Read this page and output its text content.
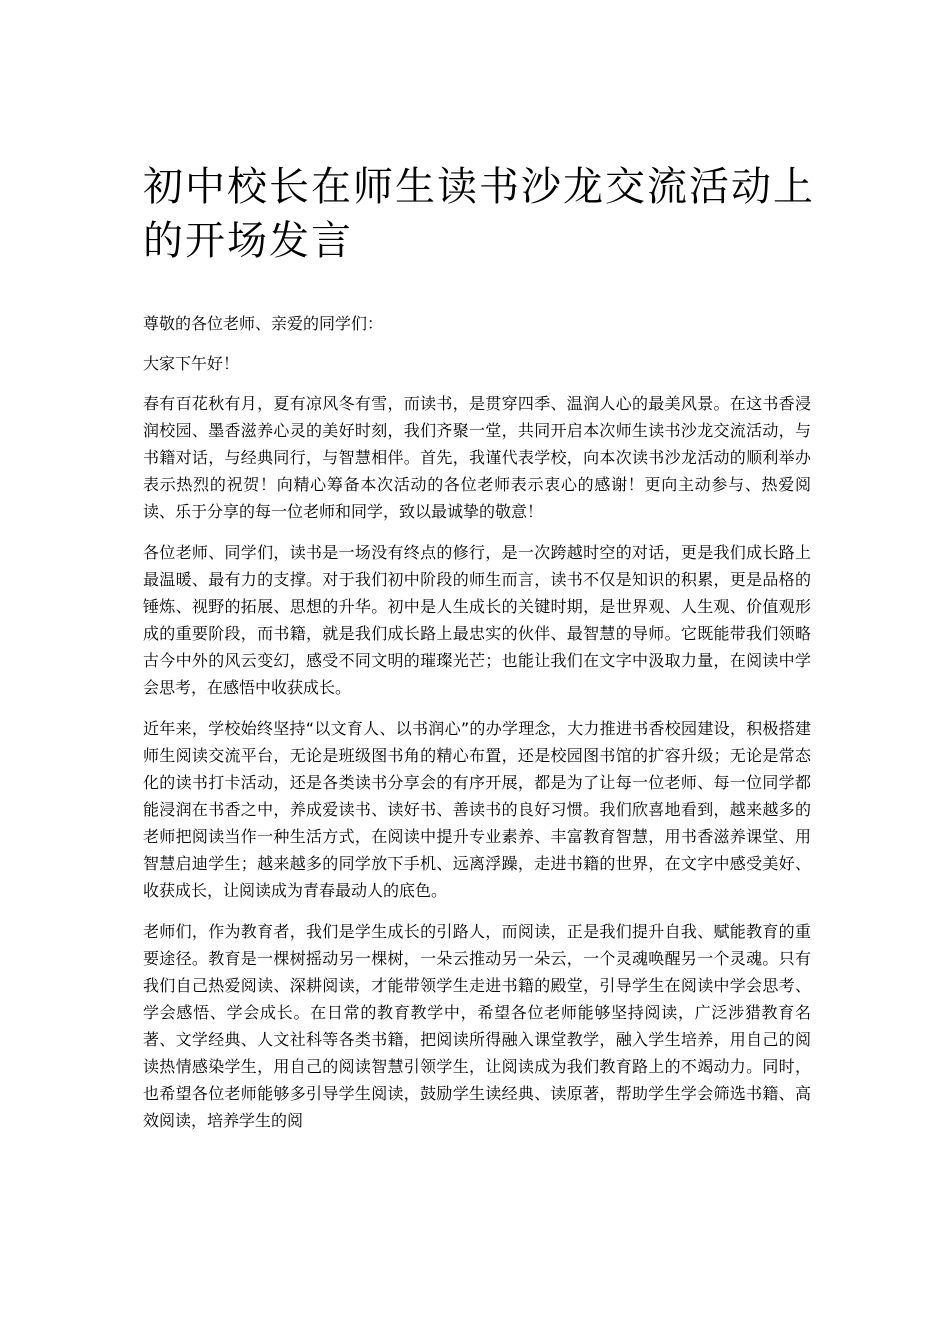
初中校长在师生读书沙龙交流活动上的开场发言

尊敬的各位老师、亲爱的同学们：

大家下午好！

春有百花秋有月，夏有凉风冬有雪，而读书，是贯穿四季、温润人心的最美风景。在这书香浸润校园、墨香滋养心灵的美好时刻，我们齐聚一堂，共同开启本次师生读书沙龙交流活动，与书籍对话，与经典同行，与智慧相伴。首先，我谨代表学校，向本次读书沙龙活动的顺利举办表示热烈的祝贺！向精心筹备本次活动的各位老师表示衷心的感谢！更向主动参与、热爱阅读、乐于分享的每一位老师和同学，致以最诚挚的敬意！

各位老师、同学们，读书是一场没有终点的修行，是一次跨越时空的对话，更是我们成长路上最温暖、最有力的支撑。对于我们初中阶段的师生而言，读书不仅是知识的积累，更是品格的锤炼、视野的拓展、思想的升华。初中是人生成长的关键时期，是世界观、人生观、价值观形成的重要阶段，而书籍，就是我们成长路上最忠实的伙伴、最智慧的导师。它既能带我们领略古今中外的风云变幻，感受不同文明的璀璨光芒；也能让我们在文字中汲取力量，在阅读中学会思考，在感悟中收获成长。

近年来，学校始终坚持“以文育人、以书润心”的办学理念，大力推进书香校园建设，积极搭建师生阅读交流平台，无论是班级图书角的精心布置，还是校园图书馆的扩容升级；无论是常态化的读书打卡活动，还是各类读书分享会的有序开展，都是为了让每一位老师、每一位同学都能浸润在书香之中，养成爱读书、读好书、善读书的良好习惯。我们欣喜地看到，越来越多的老师把阅读当作一种生活方式，在阅读中提升专业素养、丰富教育智慧，用书香滋养课堂、用智慧启迪学生；越来越多的同学放下手机、远离浮躁，走进书籍的世界，在文字中感受美好、收获成长，让阅读成为青春最动人的底色。

老师们，作为教育者，我们是学生成长的引路人，而阅读，正是我们提升自我、赋能教育的重要途径。教育是一棵树摇动另一棵树，一朵云推动另一朵云，一个灵魂唤醒另一个灵魂。只有我们自己热爱阅读、深耕阅读，才能带领学生走进书籍的殿堂，引导学生在阅读中学会思考、学会感悟、学会成长。在日常的教育教学中，希望各位老师能够坚持阅读，广泛涉猎教育名著、文学经典、人文社科等各类书籍，把阅读所得融入课堂教学，融入学生培养，用自己的阅读热情感染学生，用自己的阅读智慧引领学生，让阅读成为我们教育路上的不竭动力。同时，也希望各位老师能够多引导学生阅读，鼓励学生读经典、读原著，帮助学生学会筛选书籍、高效阅读，培养学生的阅
